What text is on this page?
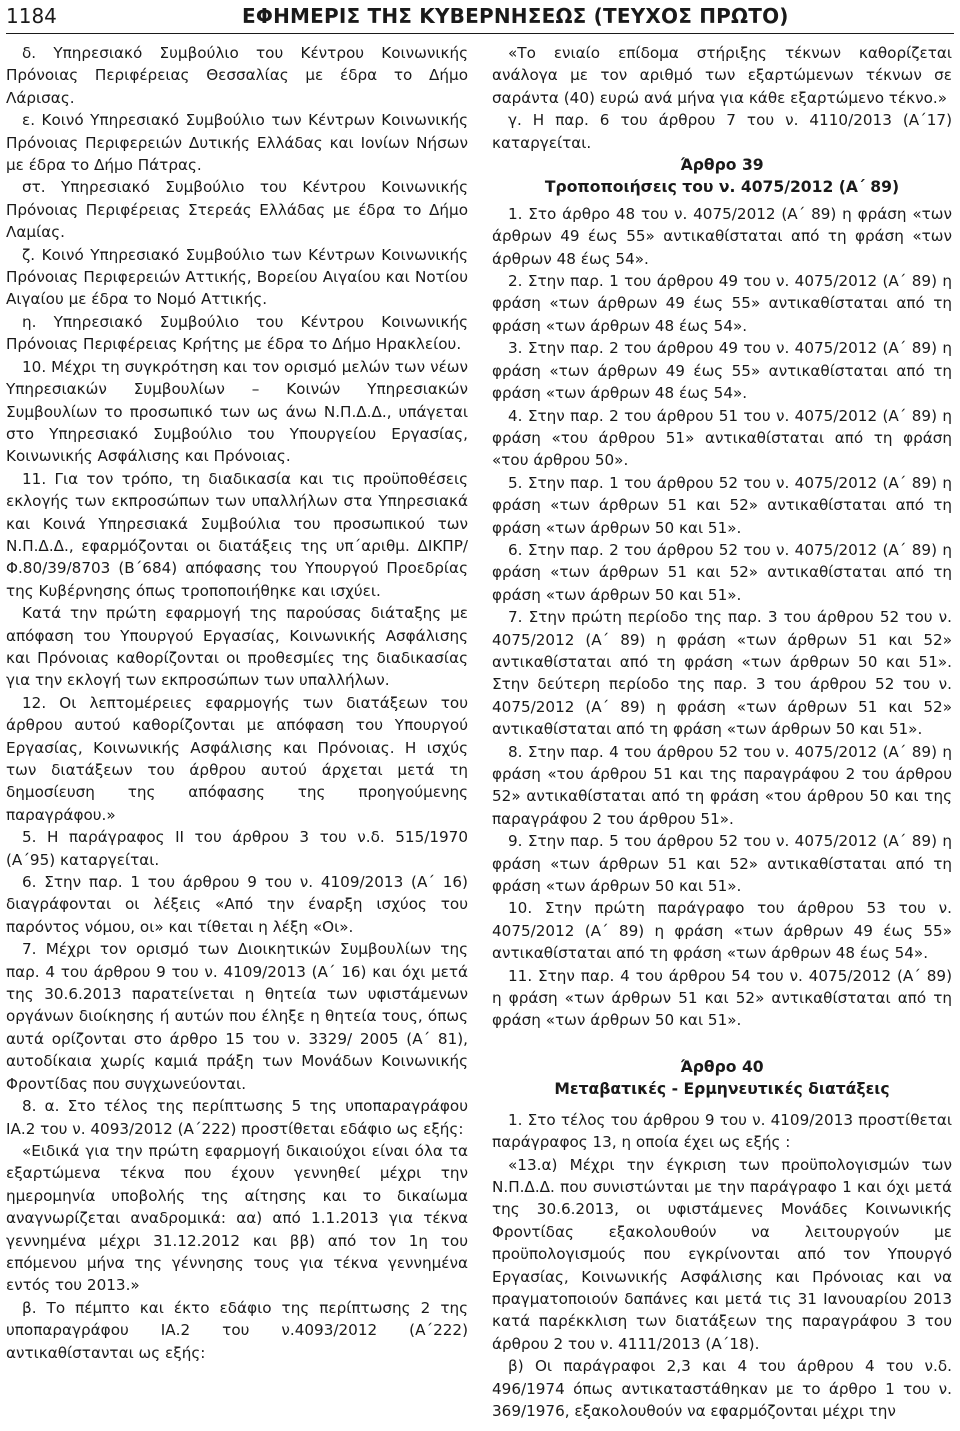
1184	ΕΦΗΜΕΡΙΣ ΤΗΣ ΚΥΒΕΡΝΗΣΕΩΣ (ΤΕΥΧΟΣ ΠΡΩΤΟ)

δ. Υπηρεσιακό Συμβούλιο του Κέντρου Κοινωνικής Πρόνοιας Περιφέρειας Θεσσαλίας με έδρα το Δήμο Λάρισας.

ε. Κοινό Υπηρεσιακό Συμβούλιο των Κέντρων Κοινωνικής Πρόνοιας Περιφερειών Δυτικής Ελλάδας και Ιονίων Νήσων με έδρα το Δήμο Πάτρας.

στ. Υπηρεσιακό Συμβούλιο του Κέντρου Κοινωνικής Πρόνοιας Περιφέρειας Στερεάς Ελλάδας με έδρα το Δήμο Λαμίας.

ζ. Κοινό Υπηρεσιακό Συμβούλιο των Κέντρων Κοινωνικής Πρόνοιας Περιφερειών Αττικής, Βορείου Αιγαίου και Νοτίου Αιγαίου με έδρα το Νομό Αττικής.

η. Υπηρεσιακό Συμβούλιο του Κέντρου Κοινωνικής Πρόνοιας Περιφέρειας Κρήτης με έδρα το Δήμο Ηρακλείου.

10. Μέχρι τη συγκρότηση και τον ορισμό μελών των νέων Υπηρεσιακών Συμβουλίων – Κοινών Υπηρεσιακών Συμβουλίων το προσωπικό των ως άνω Ν.Π.Δ.Δ., υπάγεται στο Υπηρεσιακό Συμβούλιο του Υπουργείου Εργασίας, Κοινωνικής Ασφάλισης και Πρόνοιας.

11. Για τον τρόπο, τη διαδικασία και τις προϋποθέσεις εκλογής των εκπροσώπων των υπαλλήλων στα Υπηρεσιακά και Κοινά Υπηρεσιακά Συμβούλια του προσωπικού των Ν.Π.Δ.Δ., εφαρμόζονται οι διατάξεις της υπ΄αριθμ. ΔΙΚΠΡ/Φ.80/39/8703 (Β΄684) απόφασης του Υπουργού Προεδρίας της Κυβέρνησης όπως τροποποιήθηκε και ισχύει.

Κατά την πρώτη εφαρμογή της παρούσας διάταξης με απόφαση του Υπουργού Εργασίας, Κοινωνικής Ασφάλισης και Πρόνοιας καθορίζονται οι προθεσμίες της διαδικασίας για την εκλογή των εκπροσώπων των υπαλλήλων.

12. Οι λεπτομέρειες εφαρμογής των διατάξεων του άρθρου αυτού καθορίζονται με απόφαση του Υπουργού Εργασίας, Κοινωνικής Ασφάλισης και Πρόνοιας. Η ισχύς των διατάξεων του άρθρου αυτού άρχεται μετά τη δημοσίευση της απόφασης της προηγούμενης παραγράφου.»

5. Η παράγραφος ΙΙ του άρθρου 3 του ν.δ. 515/1970 (Α΄95) καταργείται.

6. Στην παρ. 1 του άρθρου 9 του ν. 4109/2013 (Α΄ 16) διαγράφονται οι λέξεις «Από την έναρξη ισχύος του παρόντος νόμου, οι» και τίθεται η λέξη «Οι».

7. Μέχρι τον ορισμό των Διοικητικών Συμβουλίων της παρ. 4 του άρθρου 9 του ν. 4109/2013 (Α΄ 16) και όχι μετά της 30.6.2013 παρατείνεται η θητεία των υφιστάμενων οργάνων διοίκησης ή αυτών που έληξε η θητεία τους, όπως αυτά ορίζονται στο άρθρο 15 του ν. 3329/ 2005 (Α΄ 81), αυτοδίκαια χωρίς καμιά πράξη των Μονάδων Κοινωνικής Φροντίδας που συγχωνεύονται.

8. α. Στο τέλος της περίπτωσης 5 της υποπαραγράφου ΙΑ.2 του ν. 4093/2012 (Α΄222) προστίθεται εδάφιο ως εξής:

«Ειδικά για την πρώτη εφαρμογή δικαιούχοι είναι όλα τα εξαρτώμενα τέκνα που έχουν γεννηθεί μέχρι την ημερομηνία υποβολής της αίτησης και το δικαίωμα αναγνωρίζεται αναδρομικά: αα) από 1.1.2013 για τέκνα γεννημένα μέχρι 31.12.2012 και ββ) από τον 1η του επόμενου μήνα της γέννησης τους για τέκνα γεννημένα εντός του 2013.»

β. Το πέμπτο και έκτο εδάφιο της περίπτωσης 2 της υποπαραγράφου ΙΑ.2 του ν.4093/2012 (Α΄222) αντικαθίστανται ως εξής:

«Το ενιαίο επίδομα στήριξης τέκνων καθορίζεται ανάλογα με τον αριθμό των εξαρτώμενων τέκνων σε σαράντα (40) ευρώ ανά μήνα για κάθε εξαρτώμενο τέκνο.»

γ. Η παρ. 6 του άρθρου 7 του ν. 4110/2013 (Α΄17) καταργείται.

Άρθρο 39

Τροποποιήσεις του ν. 4075/2012 (Α΄ 89)

1. Στο άρθρο 48 του ν. 4075/2012 (Α΄ 89) η φράση «των άρθρων 49 έως 55» αντικαθίσταται από τη φράση «των άρθρων 48 έως 54».

2. Στην παρ. 1 του άρθρου 49 του ν. 4075/2012 (Α΄ 89) η φράση «των άρθρων 49 έως 55» αντικαθίσταται από τη φράση «των άρθρων 48 έως 54».

3. Στην παρ. 2 του άρθρου 49 του ν. 4075/2012 (Α΄ 89) η φράση «των άρθρων 49 έως 55» αντικαθίσταται από τη φράση «των άρθρων 48 έως 54».

4. Στην παρ. 2 του άρθρου 51 του ν. 4075/2012 (Α΄ 89) η φράση «του άρθρου 51» αντικαθίσταται από τη φράση «του άρθρου 50».

5. Στην παρ. 1 του άρθρου 52 του ν. 4075/2012 (Α΄ 89) η φράση «των άρθρων 51 και 52» αντικαθίσταται από τη φράση «των άρθρων 50 και 51».

6. Στην παρ. 2 του άρθρου 52 του ν. 4075/2012 (Α΄ 89) η φράση «των άρθρων 51 και 52» αντικαθίσταται από τη φράση «των άρθρων 50 και 51».

7. Στην πρώτη περίοδο της παρ. 3 του άρθρου 52 του ν. 4075/2012 (Α΄ 89) η φράση «των άρθρων 51 και 52» αντικαθίσταται από τη φράση «των άρθρων 50 και 51». Στην δεύτερη περίοδο της παρ. 3 του άρθρου 52 του ν. 4075/2012 (Α΄ 89) η φράση «των άρθρων 51 και 52» αντικαθίσταται από τη φράση «των άρθρων 50 και 51».

8. Στην παρ. 4 του άρθρου 52 του ν. 4075/2012 (Α΄ 89) η φράση «του άρθρου 51 και της παραγράφου 2 του άρθρου 52» αντικαθίσταται από τη φράση «του άρθρου 50 και της παραγράφου 2 του άρθρου 51».

9. Στην παρ. 5 του άρθρου 52 του ν. 4075/2012 (Α΄ 89) η φράση «των άρθρων 51 και 52» αντικαθίσταται από τη φράση «των άρθρων 50 και 51».

10. Στην πρώτη παράγραφο του άρθρου 53 του ν. 4075/2012 (Α΄ 89) η φράση «των άρθρων 49 έως 55» αντικαθίσταται από τη φράση «των άρθρων 48 έως 54».

11. Στην παρ. 4 του άρθρου 54 του ν. 4075/2012 (Α΄ 89) η φράση «των άρθρων 51 και 52» αντικαθίσταται από τη φράση «των άρθρων 50 και 51».

Άρθρο 40

Μεταβατικές - Ερμηνευτικές διατάξεις

1. Στο τέλος του άρθρου 9 του ν. 4109/2013 προστίθεται παράγραφος 13, η οποία έχει ως εξής :

«13.α) Μέχρι την έγκριση των προϋπολογισμών των Ν.Π.Δ.Δ. που συνιστώνται με την παράγραφο 1 και όχι μετά της 30.6.2013, οι υφιστάμενες Μονάδες Κοινωνικής Φροντίδας εξακολουθούν να λειτουργούν με προϋπολογισμούς που εγκρίνονται από τον Υπουργό Εργασίας, Κοινωνικής Ασφάλισης και Πρόνοιας και να πραγματοποιούν δαπάνες και μετά τις 31 Ιανουαρίου 2013 κατά παρέκκλιση των διατάξεων της παραγράφου 3 του άρθρου 2 του ν. 4111/2013 (Α΄18).

β) Οι παράγραφοι 2,3 και 4 του άρθρου 4 του ν.δ. 496/1974 όπως αντικαταστάθηκαν με το άρθρο 1 του ν. 369/1976, εξακολουθούν να εφαρμόζονται μέχρι την
